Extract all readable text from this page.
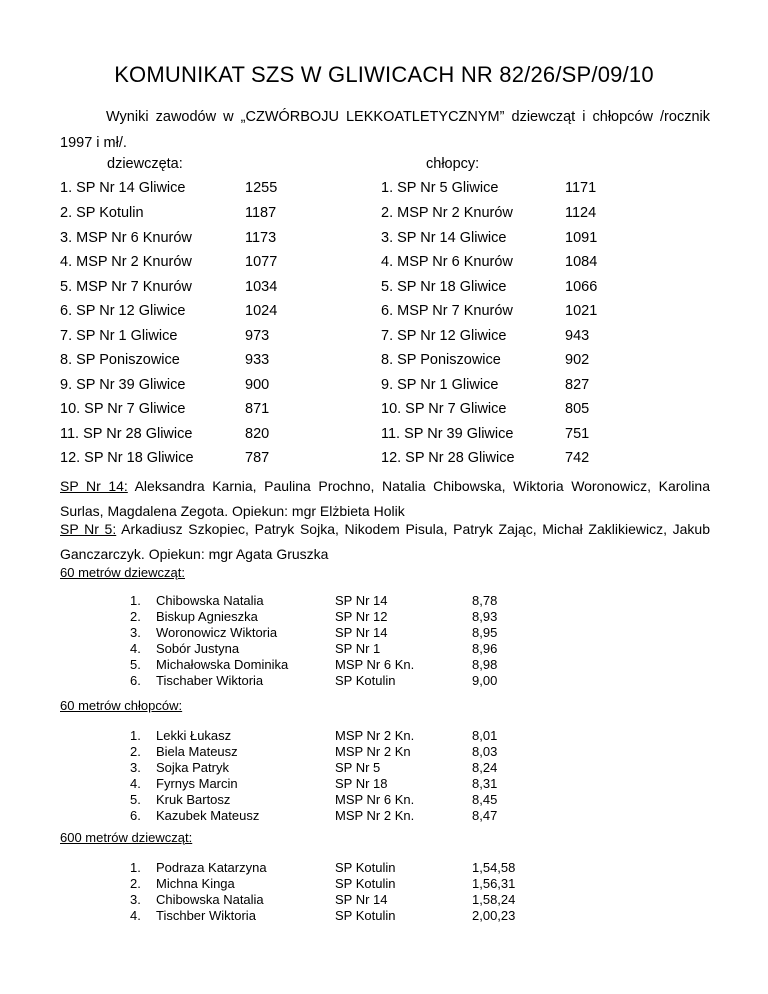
KOMUNIKAT SZS W GLIWICACH NR 82/26/SP/09/10
Wyniki zawodów w „CZWÓRBOJU LEKKOATLETYCZNYM” dziewcząt i chłopców /rocznik 1997 i mł/.
dziewczęta:	chłopcy:
1. SP Nr 14 Gliwice	1255	1. SP Nr 5 Gliwice	1171
2. SP Kotulin	1187	2. MSP Nr 2 Knurów	1124
3. MSP Nr 6 Knurów	1173	3. SP Nr 14 Gliwice	1091
4. MSP Nr 2 Knurów	1077	4. MSP Nr 6 Knurów	1084
5. MSP Nr 7 Knurów	1034	5. SP Nr 18 Gliwice	1066
6. SP Nr 12 Gliwice	1024	6. MSP Nr 7 Knurów	1021
7. SP Nr 1 Gliwice	973	7. SP Nr 12 Gliwice	943
8. SP Poniszowice	933	8. SP Poniszowice	902
9. SP Nr 39 Gliwice	900	9. SP Nr 1 Gliwice	827
10. SP Nr 7 Gliwice	871	10. SP Nr 7 Gliwice	805
11. SP Nr 28 Gliwice	820	11. SP Nr 39 Gliwice	751
12. SP Nr 18 Gliwice	787	12. SP Nr 28 Gliwice	742
SP Nr 14: Aleksandra Karnia, Paulina Prochno, Natalia Chibowska, Wiktoria Woronowicz, Karolina Surlas, Magdalena Zegota. Opiekun: mgr Elżbieta Holik
SP Nr 5: Arkadiusz Szkopiec, Patryk Sojka, Nikodem Pisula, Patryk Zając, Michał Zaklikiewicz, Jakub Ganczarczyk. Opiekun: mgr Agata Gruszka
60 metrów dziewcząt:
1. Chibowska Natalia	SP Nr 14	8,78
2. Biskup Agnieszka	SP Nr 12	8,93
3. Woronowicz Wiktoria	SP Nr 14	8,95
4. Sobór Justyna	SP Nr 1	8,96
5. Michałowska Dominika	MSP Nr 6 Kn.	8,98
6. Tischaber Wiktoria	SP Kotulin	9,00
60 metrów chłopców:
1. Lekki Łukasz	MSP Nr 2 Kn.	8,01
2. Biela Mateusz	MSP Nr 2 Kn	8,03
3. Sojka Patryk	SP Nr 5	8,24
4. Fyrnys Marcin	SP Nr 18	8,31
5. Kruk Bartosz	MSP Nr 6 Kn.	8,45
6. Kazubek Mateusz	MSP Nr 2 Kn.	8,47
600 metrów dziewcząt:
1. Podraza Katarzyna	SP Kotulin	1,54,58
2. Michna Kinga	SP Kotulin	1,56,31
3. Chibowska Natalia	SP Nr 14	1,58,24
4. Tischber Wiktoria	SP Kotulin	2,00,23
